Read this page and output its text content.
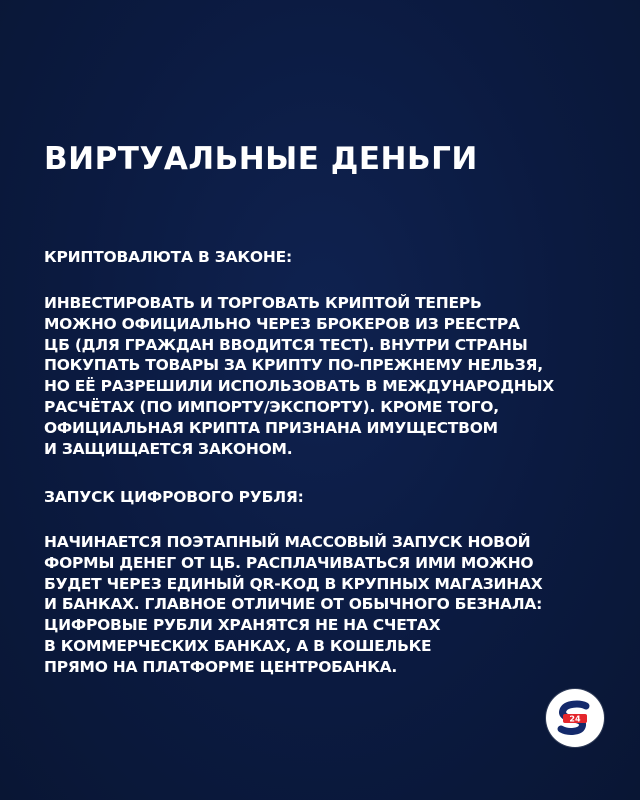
ВИРТУАЛЬНЫЕ ДЕНЬГИ
КРИПТОВАЛЮТА В ЗАКОНЕ:
ИНВЕСТИРОВАТЬ И ТОРГОВАТЬ КРИПТОЙ ТЕПЕРЬ
МОЖНО ОФИЦИАЛЬНО ЧЕРЕЗ БРОКЕРОВ ИЗ РЕЕСТРА
ЦБ (ДЛЯ ГРАЖДАН ВВОДИТСЯ ТЕСТ). ВНУТРИ СТРАНЫ
ПОКУПАТЬ ТОВАРЫ ЗА КРИПТУ ПО-ПРЕЖНЕМУ НЕЛЬЗЯ,
НО ЕЁ РАЗРЕШИЛИ ИСПОЛЬЗОВАТЬ В МЕЖДУНАРОДНЫХ
РАСЧЁТАХ (ПО ИМПОРТУ/ЭКСПОРТУ). КРОМЕ ТОГО,
ОФИЦИАЛЬНАЯ КРИПТА ПРИЗНАНА ИМУЩЕСТВОМ
И ЗАЩИЩАЕТСЯ ЗАКОНОМ.
ЗАПУСК ЦИФРОВОГО РУБЛЯ:
НАЧИНАЕТСЯ ПОЭТАПНЫЙ МАССОВЫЙ ЗАПУСК НОВОЙ
ФОРМЫ ДЕНЕГ ОТ ЦБ. РАСПЛАЧИВАТЬСЯ ИМИ МОЖНО
БУДЕТ ЧЕРЕЗ ЕДИНЫЙ QR-КОД В КРУПНЫХ МАГАЗИНАХ
И БАНКАХ. ГЛАВНОЕ ОТЛИЧИЕ ОТ ОБЫЧНОГО БЕЗНАЛА:
ЦИФРОВЫЕ РУБЛИ ХРАНЯТСЯ НЕ НА СЧЕТАХ
В КОММЕРЧЕСКИХ БАНКАХ, А В КОШЕЛЬКЕ
ПРЯМО НА ПЛАТФОРМЕ ЦЕНТРОБАНКА.
24
